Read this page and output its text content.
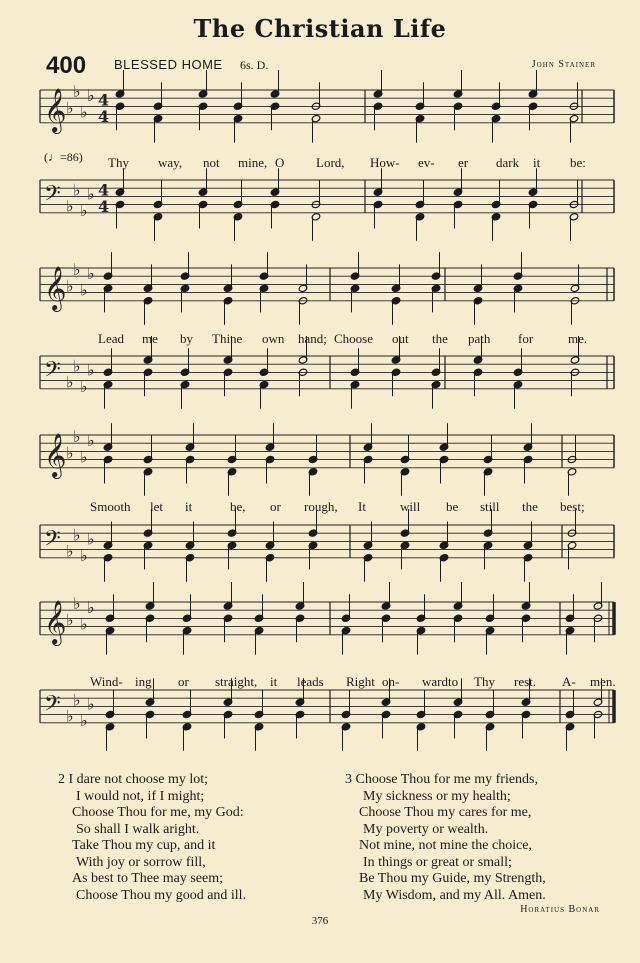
The Christian Life
400 BLESSED HOME 6s. D.	John Stainer
𝄞 ♭
♭
♭
♭ 4
4
𝄢 ♭
♭
♭
♭ 4
4
𝄞 ♭
♭
♭
♭
𝄢 ♭
♭
♭
♭
𝄞 ♭
♭
♭
♭
𝄢 ♭
♭
♭
♭
𝄞 ♭
♭
♭
♭
𝄢 ♭
♭
♭
♭
(♩=86) Thy way, not mine, O Lord, How- ev- er dark it be:
Lead me by Thine own hand; Choose out the path for	me.
Smooth let it	be, or rough, It	will be still the best;
Wind- ing or straight, it leads Right on- ward to Thy rest. A- men.
2 I dare not choose my lot;
I would not, if I might;
Choose Thou for me, my God:
So shall I walk aright.
Take Thou my cup, and it
With joy or sorrow fill,
As best to Thee may seem;
Choose Thou my good and ill.
3 Choose Thou for me my friends,
My sickness or my health;
Choose Thou my cares for me,
My poverty or wealth.
Not mine, not mine the choice,
In things or great or small;
Be Thou my Guide, my Strength,
My Wisdom, and my All. Amen.
Horatius Bonar
376
